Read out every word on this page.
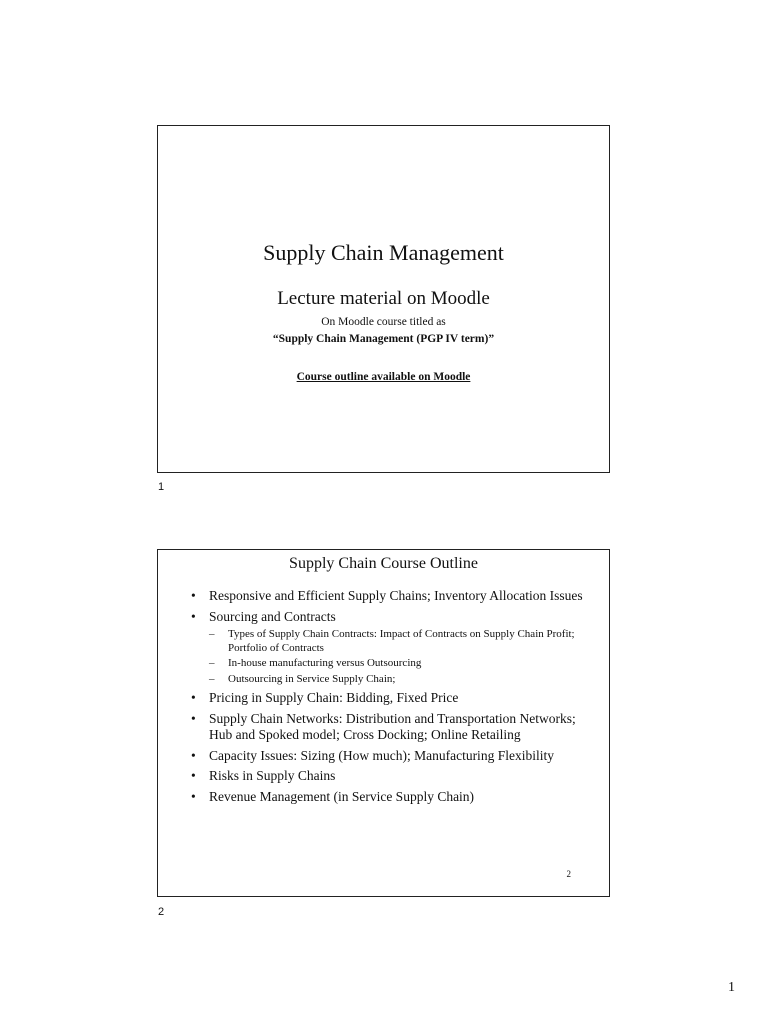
Supply Chain Management
Lecture material on Moodle
On Moodle course titled as
“Supply Chain Management (PGP IV term)”
Course outline available on Moodle
1
Supply Chain Course Outline
• Responsive and Efficient Supply Chains; Inventory Allocation Issues
• Sourcing and Contracts
– Types of Supply Chain Contracts: Impact of Contracts on Supply Chain Profit; Portfolio of Contracts
– In-house manufacturing versus Outsourcing
– Outsourcing in Service Supply Chain;
• Pricing in Supply Chain: Bidding, Fixed Price
• Supply Chain Networks: Distribution and Transportation Networks; Hub and Spoked model; Cross Docking; Online Retailing
• Capacity Issues: Sizing (How much); Manufacturing Flexibility
• Risks in Supply Chains
• Revenue Management (in Service Supply Chain)
2
2
1
